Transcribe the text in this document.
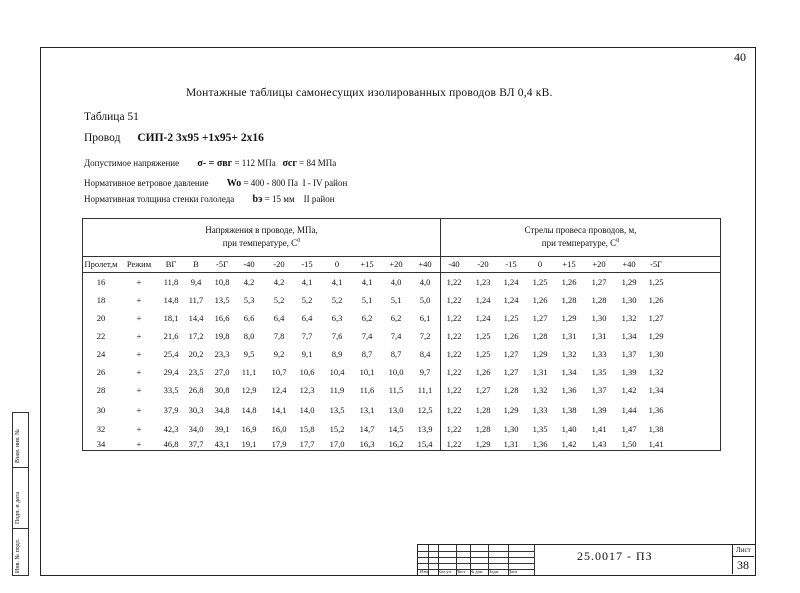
40
Монтажные таблицы самонесущих изолированных проводов ВЛ 0,4 кВ.
Таблица 51
Провод СИП-2 3х95 +1х95+ 2х16
Допустимое напряжение σ- = σвг = 112 МПа σсг = 84 МПа
Нормативное ветровое давление Wo = 400 - 800 Па I - IV район
Нормативная толщина стенки гололеда bэ = 15 мм II район
Напряжения в проводе, МПа,
при температуре, $С^0$
Стрелы провеса проводов, м,
при температуре, $С^0$
Пролет,м	Режим	ВГ	В	-5Г	-40	-20	-15	0	+15	+20	+40	-40	-20	-15	0	+15	+20	+40	-5Г
16	+	11,8	9,4	10,8	4,2	4,2	4,1	4,1	4,1	4,0	4,0	1,22	1,23	1,24	1,25	1,26	1,27	1,29	1,25
18	+	14,8	11,7	13,5	5,3	5,2	5,2	5,2	5,1	5,1	5,0	1,22	1,24	1,24	1,26	1,28	1,28	1,30	1,26
20	+	18,1	14,4	16,6	6,6	6,4	6,4	6,3	6,2	6,2	6,1	1,22	1,24	1,25	1,27	1,29	1,30	1,32	1,27
22	+	21,6	17,2	19,8	8,0	7,8	7,7	7,6	7,4	7,4	7,2	1,22	1,25	1,26	1,28	1,31	1,31	1,34	1,29
24	+	25,4	20,2	23,3	9,5	9,2	9,1	8,9	8,7	8,7	8,4	1,22	1,25	1,27	1,29	1,32	1,33	1,37	1,30
26	+	29,4	23,5	27,0	11,1	10,7	10,6	10,4	10,1	10,0	9,7	1,22	1,26	1,27	1,31	1,34	1,35	1,39	1,32
28	+	33,5	26,8	30,8	12,9	12,4	12,3	11,9	11,6	11,5	11,1	1,22	1,27	1,28	1,32	1,36	1,37	1,42	1,34
30	+	37,9	30,3	34,8	14,8	14,1	14,0	13,5	13,1	13,0	12,5	1,22	1,28	1,29	1,33	1,38	1,39	1,44	1,36
32	+	42,3	34,0	39,1	16,9	16,0	15,8	15,2	14,7	14,5	13,9	1,22	1,28	1,30	1,35	1,40	1,41	1,47	1,38
34	+	46,8	37,7	43,1	19,1	17,9	17,7	17,0	16,3	16,2	15,4	1,22	1,29	1,31	1,36	1,42	1,43	1,50	1,41
Взам. инв. №
Подп. и дата
Инв. № подл.	Изм. Кол.уч Лист № док. Подп. Дата
25.0017 - ПЗ	Лист
38
